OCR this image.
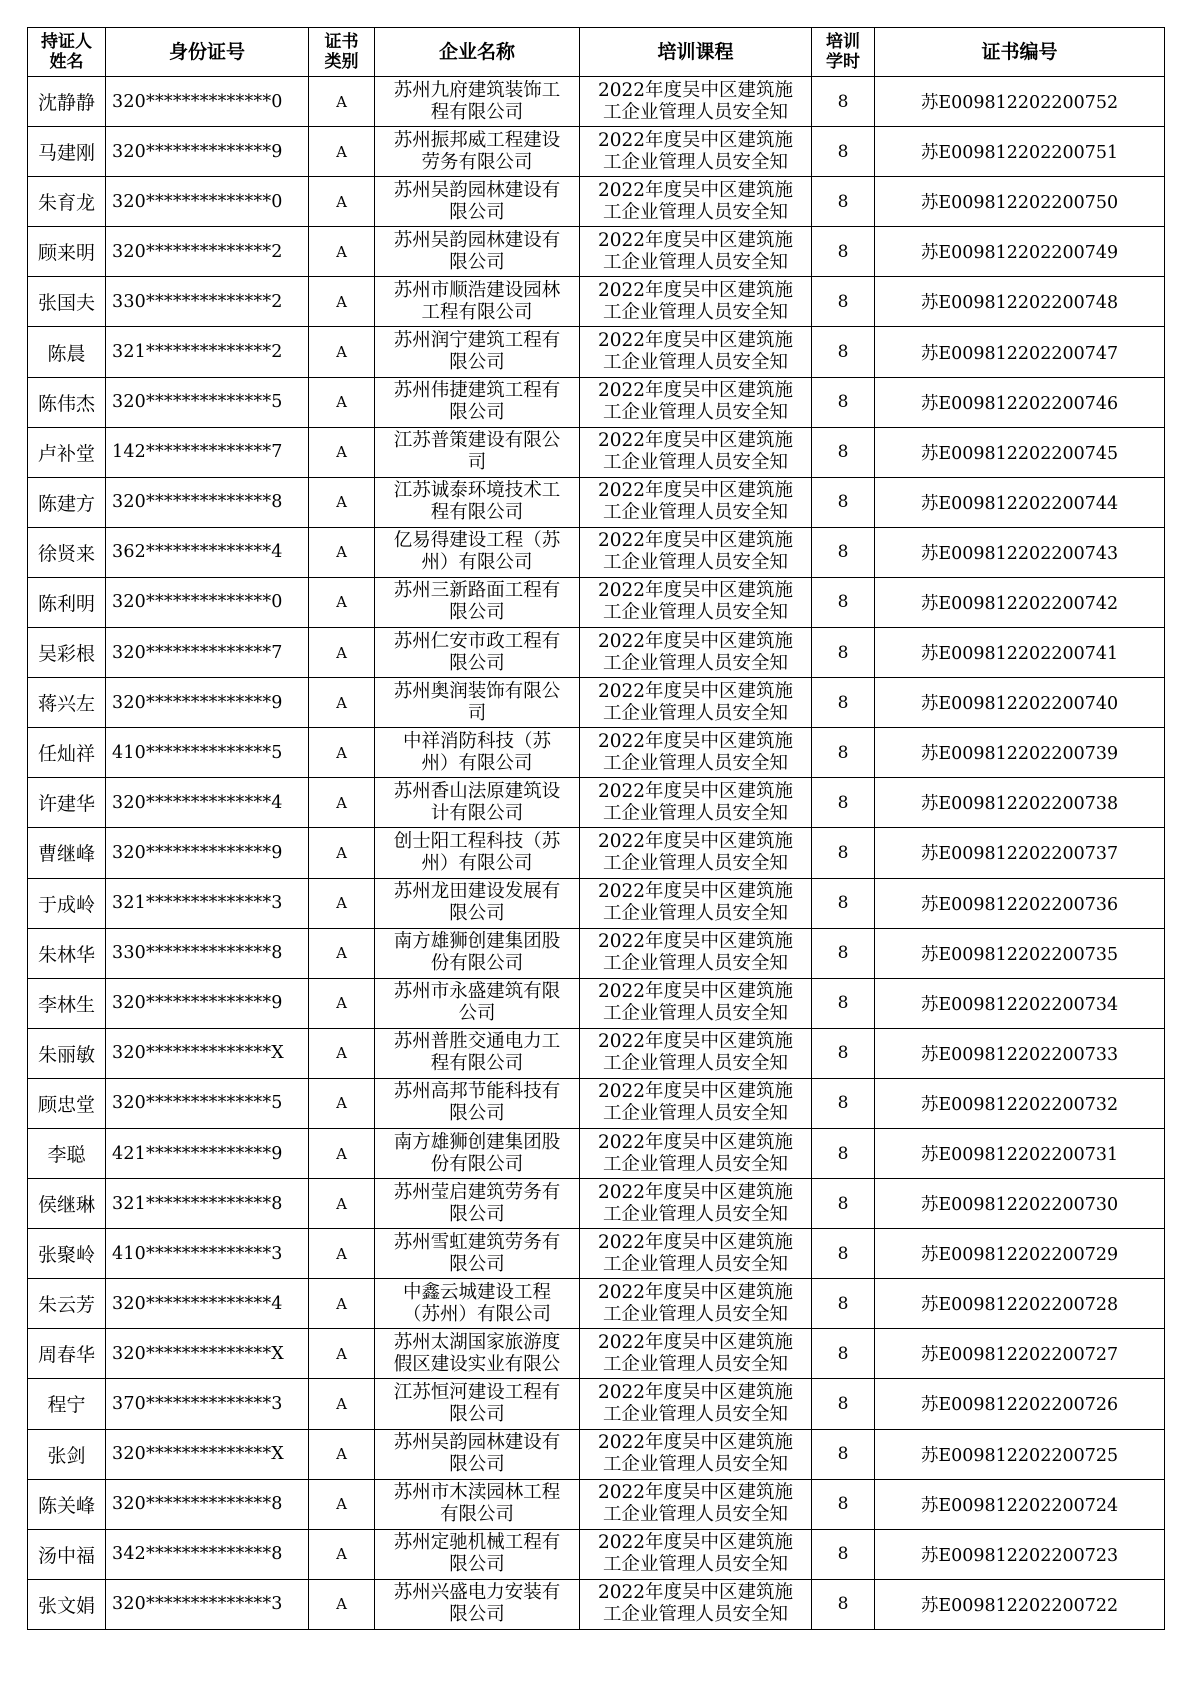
持证人
姓名	身份证号	证书
类别	企业名称	培训课程	培训
学时	证书编号
沈静静	320**************0	A	苏州九府建筑装饰工
程有限公司	2022年度吴中区建筑施
工企业管理人员安全知	8	苏E009812202200752
马建刚	320**************9	A	苏州振邦威工程建设
劳务有限公司	2022年度吴中区建筑施
工企业管理人员安全知	8	苏E009812202200751
朱育龙	320**************0	A	苏州吴韵园林建设有
限公司	2022年度吴中区建筑施
工企业管理人员安全知	8	苏E009812202200750
顾来明	320**************2	A	苏州吴韵园林建设有
限公司	2022年度吴中区建筑施
工企业管理人员安全知	8	苏E009812202200749
张国夫	330**************2	A	苏州市顺浩建设园林
工程有限公司	2022年度吴中区建筑施
工企业管理人员安全知	8	苏E009812202200748
陈晨	321**************2	A	苏州润宁建筑工程有
限公司	2022年度吴中区建筑施
工企业管理人员安全知	8	苏E009812202200747
陈伟杰	320**************5	A	苏州伟捷建筑工程有
限公司	2022年度吴中区建筑施
工企业管理人员安全知	8	苏E009812202200746
卢补堂	142**************7	A	江苏普策建设有限公
司	2022年度吴中区建筑施
工企业管理人员安全知	8	苏E009812202200745
陈建方	320**************8	A	江苏诚泰环境技术工
程有限公司	2022年度吴中区建筑施
工企业管理人员安全知	8	苏E009812202200744
徐贤来	362**************4	A	亿易得建设工程（苏
州）有限公司	2022年度吴中区建筑施
工企业管理人员安全知	8	苏E009812202200743
陈利明	320**************0	A	苏州三新路面工程有
限公司	2022年度吴中区建筑施
工企业管理人员安全知	8	苏E009812202200742
吴彩根	320**************7	A	苏州仁安市政工程有
限公司	2022年度吴中区建筑施
工企业管理人员安全知	8	苏E009812202200741
蒋兴左	320**************9	A	苏州奥润装饰有限公
司	2022年度吴中区建筑施
工企业管理人员安全知	8	苏E009812202200740
任灿祥	410**************5	A	中祥消防科技（苏
州）有限公司	2022年度吴中区建筑施
工企业管理人员安全知	8	苏E009812202200739
许建华	320**************4	A	苏州香山法原建筑设
计有限公司	2022年度吴中区建筑施
工企业管理人员安全知	8	苏E009812202200738
曹继峰	320**************9	A	创士阳工程科技（苏
州）有限公司	2022年度吴中区建筑施
工企业管理人员安全知	8	苏E009812202200737
于成岭	321**************3	A	苏州龙田建设发展有
限公司	2022年度吴中区建筑施
工企业管理人员安全知	8	苏E009812202200736
朱林华	330**************8	A	南方雄狮创建集团股
份有限公司	2022年度吴中区建筑施
工企业管理人员安全知	8	苏E009812202200735
李林生	320**************9	A	苏州市永盛建筑有限
公司	2022年度吴中区建筑施
工企业管理人员安全知	8	苏E009812202200734
朱丽敏	320**************X	A	苏州普胜交通电力工
程有限公司	2022年度吴中区建筑施
工企业管理人员安全知	8	苏E009812202200733
顾忠堂	320**************5	A	苏州高邦节能科技有
限公司	2022年度吴中区建筑施
工企业管理人员安全知	8	苏E009812202200732
李聪	421**************9	A	南方雄狮创建集团股
份有限公司	2022年度吴中区建筑施
工企业管理人员安全知	8	苏E009812202200731
侯继琳	321**************8	A	苏州莹启建筑劳务有
限公司	2022年度吴中区建筑施
工企业管理人员安全知	8	苏E009812202200730
张聚岭	410**************3	A	苏州雪虹建筑劳务有
限公司	2022年度吴中区建筑施
工企业管理人员安全知	8	苏E009812202200729
朱云芳	320**************4	A	中鑫云城建设工程
（苏州）有限公司	2022年度吴中区建筑施
工企业管理人员安全知	8	苏E009812202200728
周春华	320**************X	A	苏州太湖国家旅游度
假区建设实业有限公	2022年度吴中区建筑施
工企业管理人员安全知	8	苏E009812202200727
程宁	370**************3	A	江苏恒河建设工程有
限公司	2022年度吴中区建筑施
工企业管理人员安全知	8	苏E009812202200726
张剑	320**************X	A	苏州吴韵园林建设有
限公司	2022年度吴中区建筑施
工企业管理人员安全知	8	苏E009812202200725
陈关峰	320**************8	A	苏州市木渎园林工程
有限公司	2022年度吴中区建筑施
工企业管理人员安全知	8	苏E009812202200724
汤中福	342**************8	A	苏州定驰机械工程有
限公司	2022年度吴中区建筑施
工企业管理人员安全知	8	苏E009812202200723
张文娟	320**************3	A	苏州兴盛电力安装有
限公司	2022年度吴中区建筑施
工企业管理人员安全知	8	苏E009812202200722
